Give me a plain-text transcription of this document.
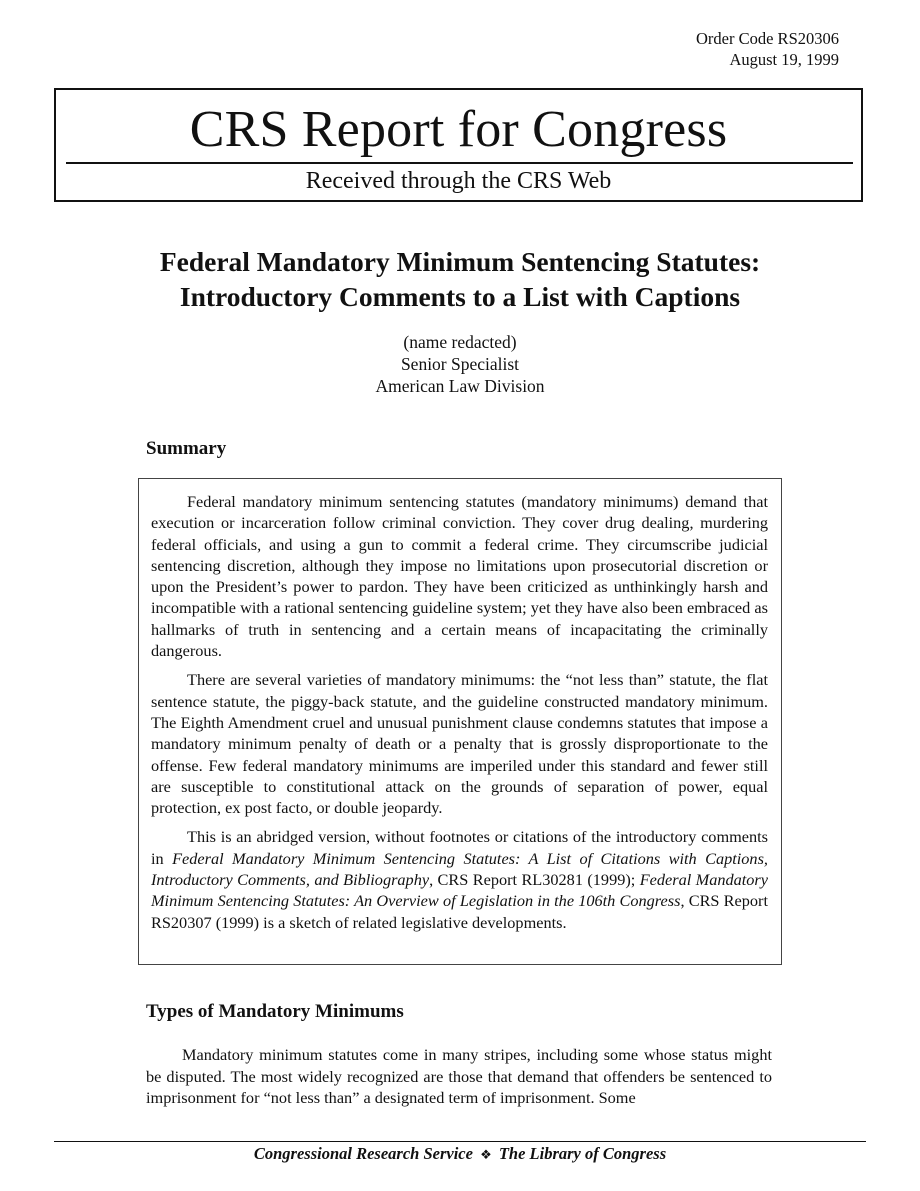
Order Code RS20306
August 19, 1999
CRS Report for Congress
Received through the CRS Web
Federal Mandatory Minimum Sentencing Statutes:
Introductory Comments to a List with Captions
(name redacted)
Senior Specialist
American Law Division
Summary

Federal mandatory minimum sentencing statutes (mandatory minimums) demand that execution or incarceration follow criminal conviction. They cover drug dealing, murdering federal officials, and using a gun to commit a federal crime. They circumscribe judicial sentencing discretion, although they impose no limitations upon prosecutorial discretion or upon the President’s power to pardon. They have been criticized as unthinkingly harsh and incompatible with a rational sentencing guideline system; yet they have also been embraced as hallmarks of truth in sentencing and a certain means of incapacitating the criminally dangerous.

There are several varieties of mandatory minimums: the “not less than” statute, the flat sentence statute, the piggy-back statute, and the guideline constructed mandatory minimum. The Eighth Amendment cruel and unusual punishment clause condemns statutes that impose a mandatory minimum penalty of death or a penalty that is grossly disproportionate to the offense. Few federal mandatory minimums are imperiled under this standard and fewer still are susceptible to constitutional attack on the grounds of separation of power, equal protection, ex post facto, or double jeopardy.

This is an abridged version, without footnotes or citations of the introductory comments in Federal Mandatory Minimum Sentencing Statutes: A List of Citations with Captions, Introductory Comments, and Bibliography, CRS Report RL30281 (1999); Federal Mandatory Minimum Sentencing Statutes: An Overview of Legislation in the 106th Congress, CRS Report RS20307 (1999) is a sketch of related legislative developments.

Types of Mandatory Minimums

Mandatory minimum statutes come in many stripes, including some whose status might be disputed. The most widely recognized are those that demand that offenders be sentenced to imprisonment for “not less than” a designated term of imprisonment. Some

Congressional Research Service ❖ The Library of Congress
